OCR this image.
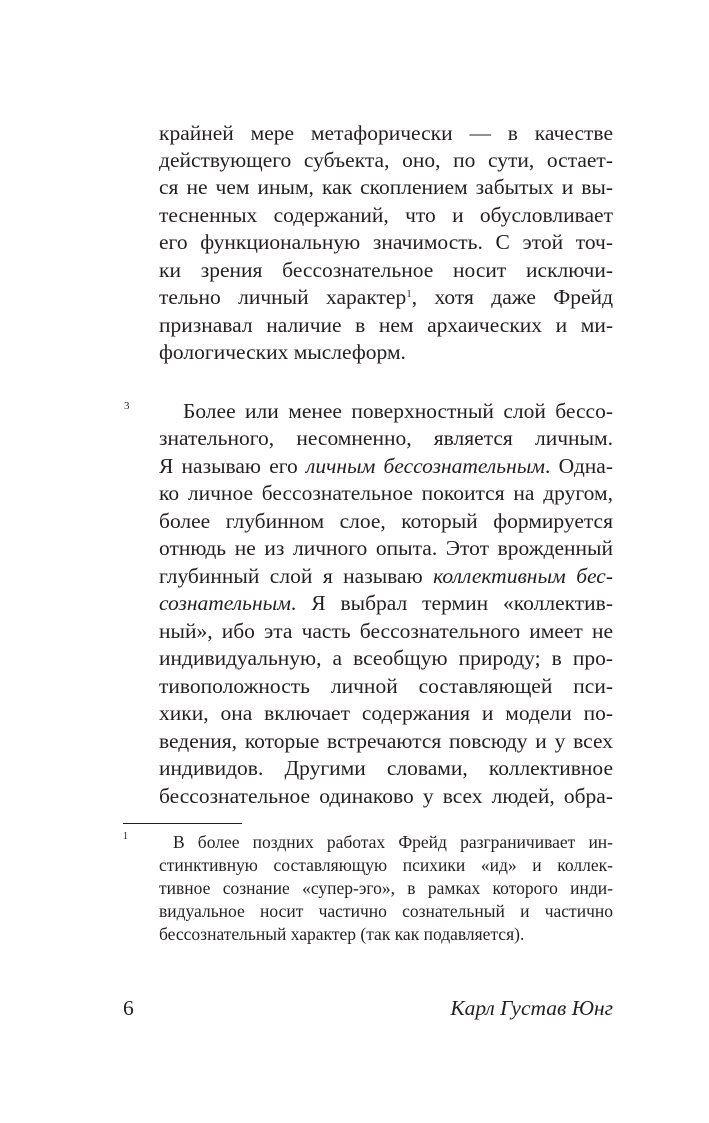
крайней мере метафорически — в качестве
действующего субъекта, оно, по сути, остает-
ся не чем иным, как скоплением забытых и вы-
тесненных содержаний, что и обусловливает
его функциональную значимость. С этой точ-
ки зрения бессознательное носит исключи-
тельно личный характер$^1$, хотя даже Фрейд
признавал наличие в нем архаических и ми-
фологических мыслеформ.
3	Более или менее поверхностный слой бессо-
знательного, несомненно, является личным.
Я называю его личным бессознательным. Одна-
ко личное бессознательное покоится на другом,
более глубинном слое, который формируется
отнюдь не из личного опыта. Этот врожденный
глубинный слой я называю коллективным бес-
сознательным. Я выбрал термин «коллектив-
ный», ибо эта часть бессознательного имеет не
индивидуальную, а всеобщую природу; в про-
тивоположность личной составляющей пси-
хики, она включает содержания и модели по-
ведения, которые встречаются повсюду и у всех
индивидов. Другими словами, коллективное
бессознательное одинаково у всех людей, обра-
1	В более поздних работах Фрейд разграничивает ин-
стинктивную составляющую психики «ид» и коллек-
тивное сознание «супер-эго», в рамках которого инди-
видуальное носит частично сознательный и частично
бессознательный характер (так как подавляется).
6	Карл Густав Юнг
